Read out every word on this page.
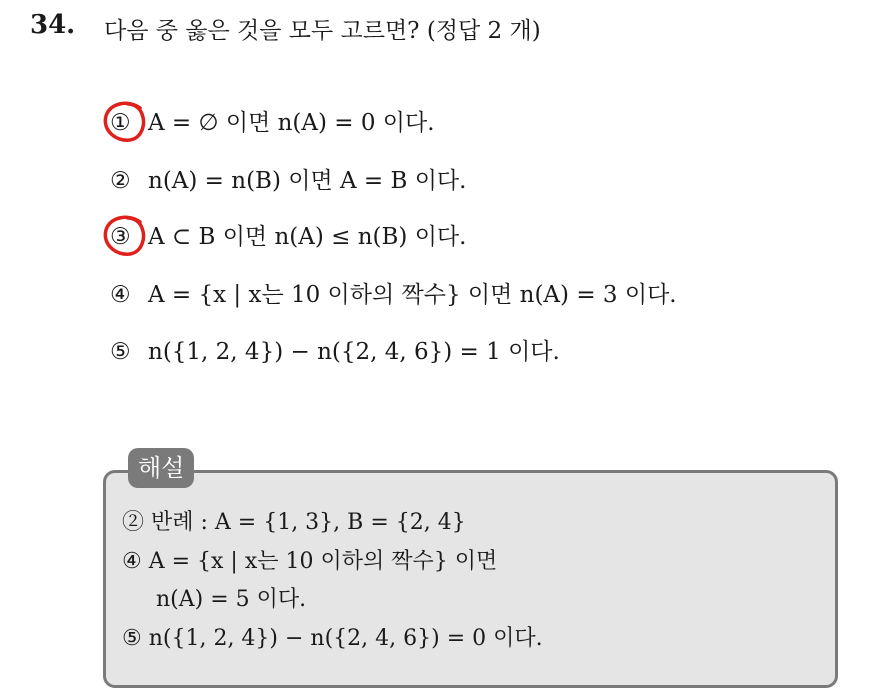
34. 다음 중 옳은 것을 모두 고르면? (정답 2 개)
① A = ∅ 이면 n(A) = 0 이다.
② n(A) = n(B) 이면 A = B 이다.
③ A ⊂ B 이면 n(A) ≤ n(B) 이다.
④ A = {x | x는 10 이하의 짝수} 이면 n(A) = 3 이다.
⑤ n({1, 2, 4}) − n({2, 4, 6}) = 1 이다.
해설
② 반례 : A = {1, 3}, B = {2, 4}
④ A = {x | x는 10 이하의 짝수} 이면
n(A) = 5 이다.
⑤ n({1, 2, 4}) − n({2, 4, 6}) = 0 이다.
